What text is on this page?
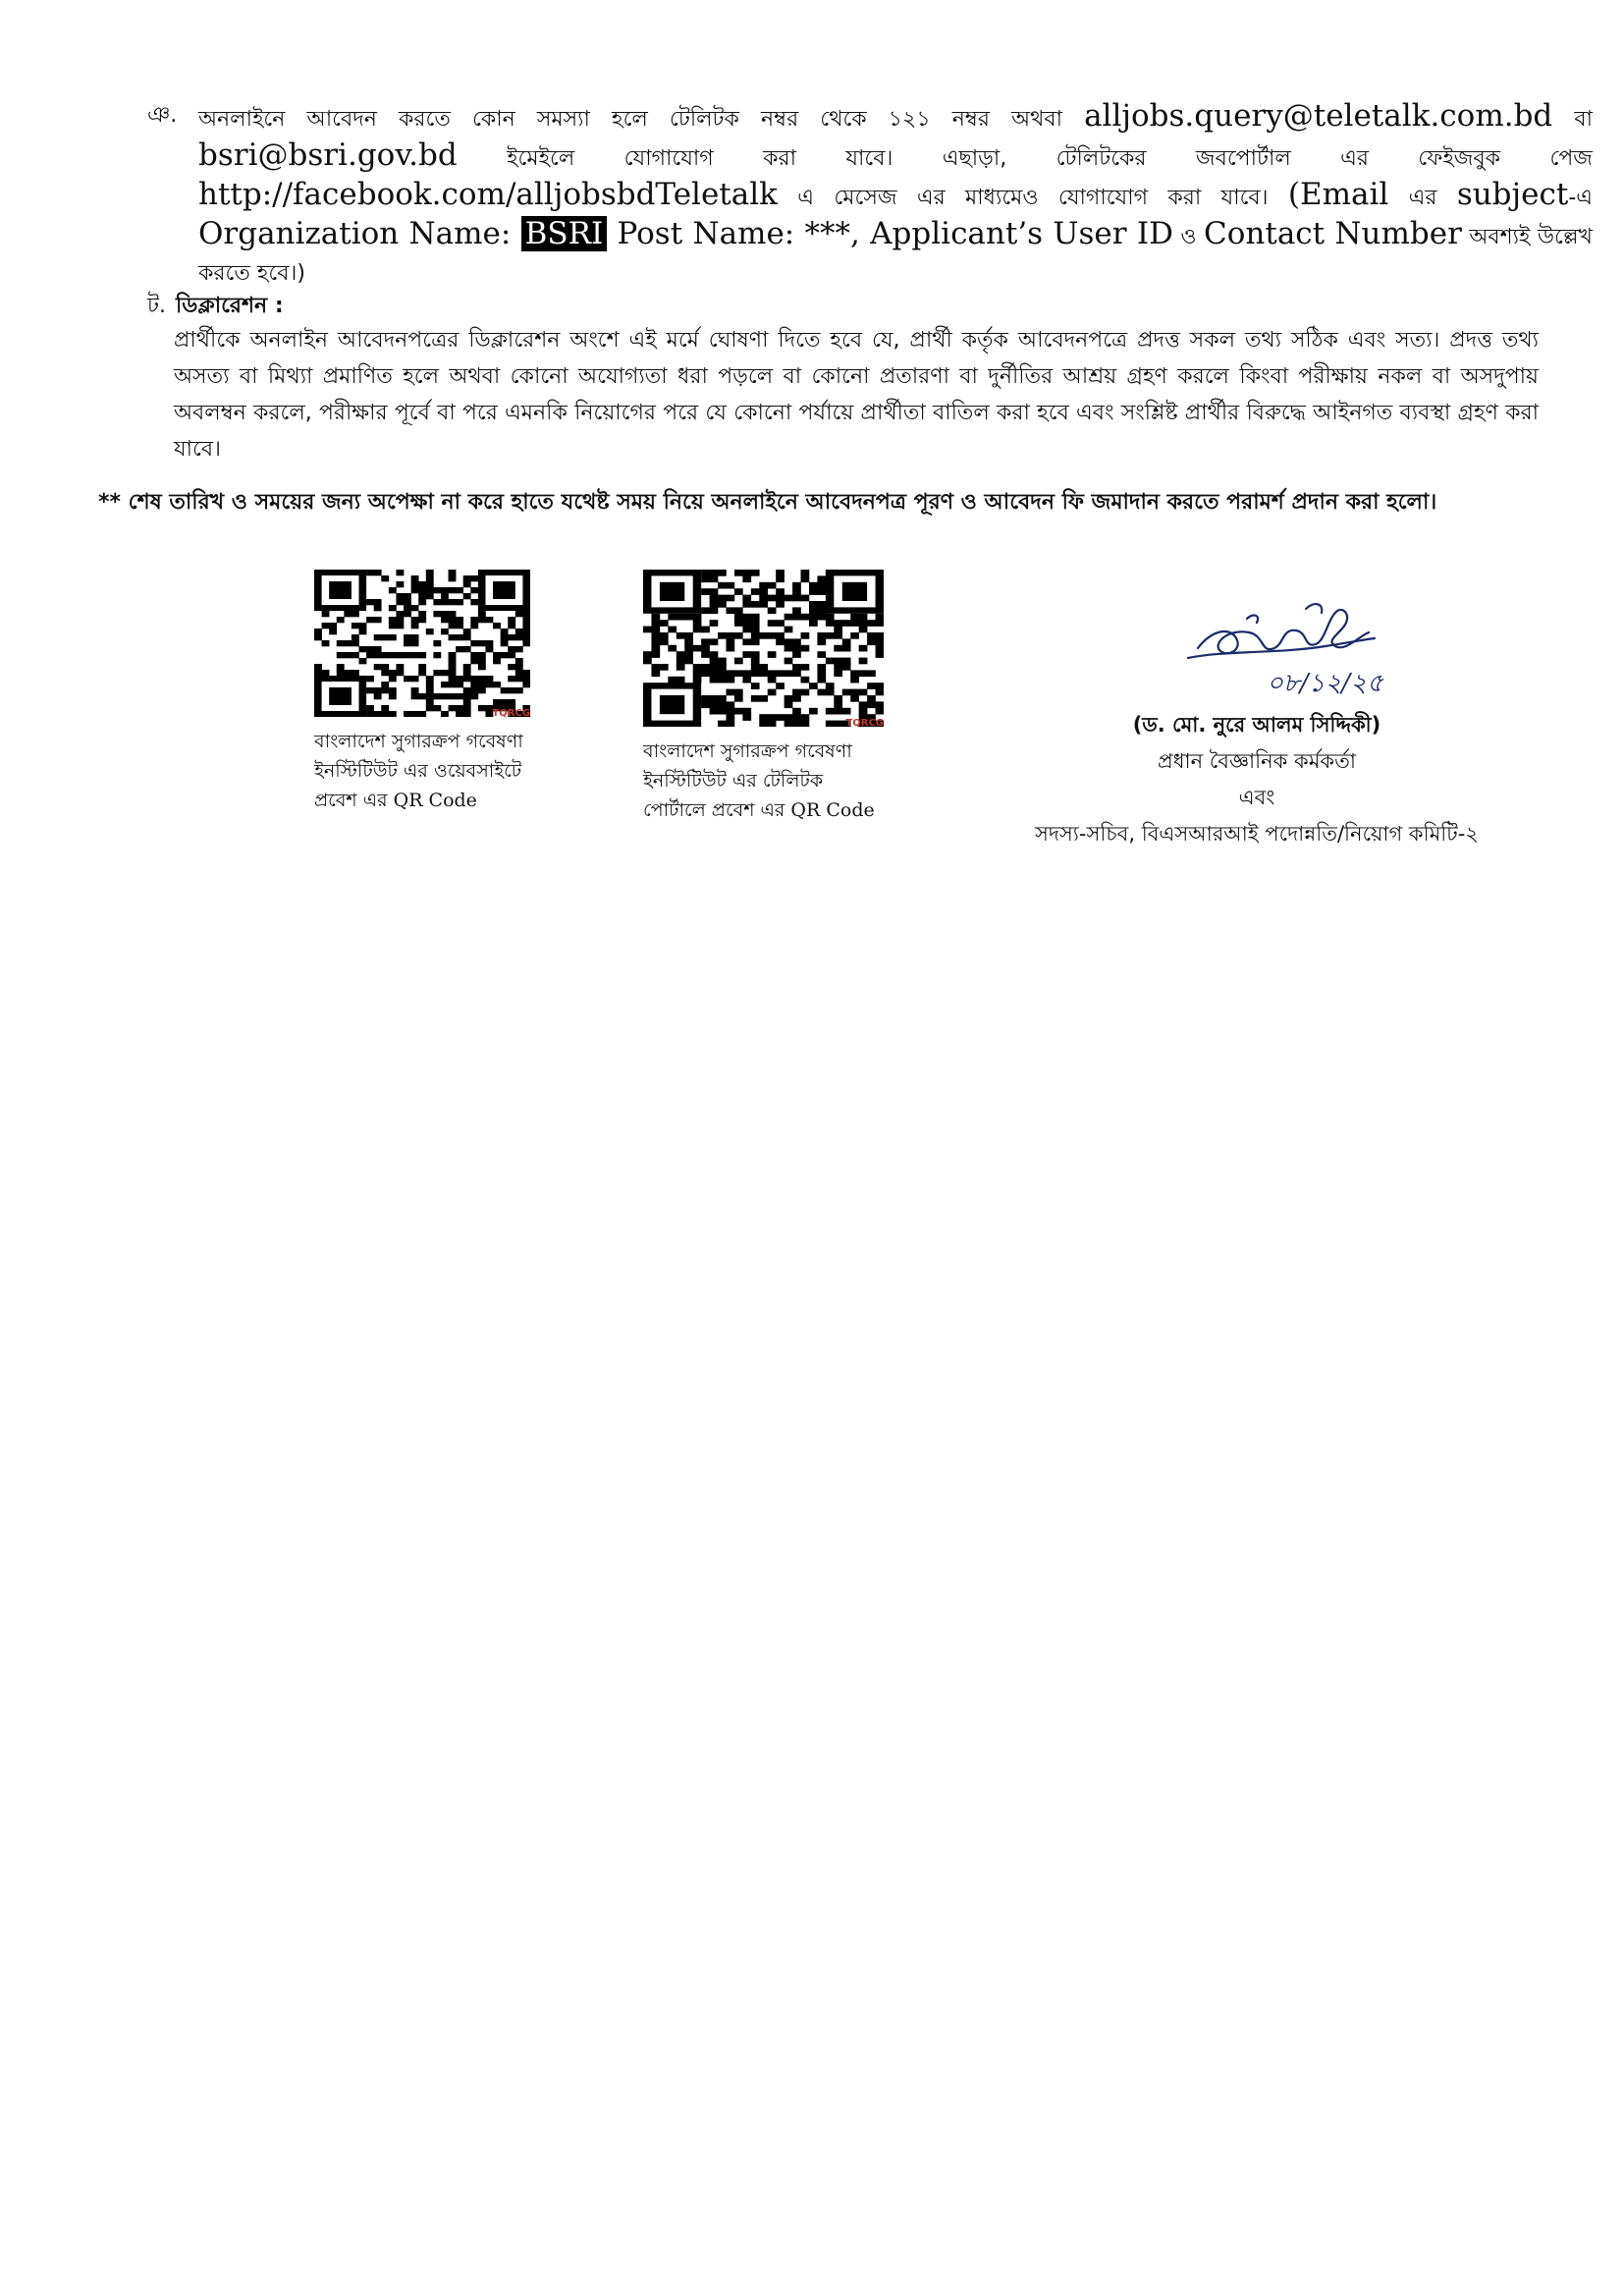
ঞ. অনলাইনে আবেদন করতে কোন সমস্যা হলে টেলিটক নম্বর থেকে ১২১ নম্বর অথবা alljobs.query@teletalk.com.bd বা bsri@bsri.gov.bd ইমেইলে যোগাযোগ করা যাবে। এছাড়া, টেলিটকের জবপোর্টাল এর ফেইজবুক পেজ http://facebook.com/alljobsbdTeletalk এ মেসেজ এর মাধ্যমেও যোগাযোগ করা যাবে। (Email এর subject-এ Organization Name: BSRI Post Name: ***, Applicant’s User ID ও Contact Number অবশ্যই উল্লেখ করতে হবে।)
ট. ডিক্লারেশন :
প্রার্থীকে অনলাইন আবেদনপত্রের ডিক্লারেশন অংশে এই মর্মে ঘোষণা দিতে হবে যে, প্রার্থী কর্তৃক আবেদনপত্রে প্রদত্ত সকল তথ্য সঠিক এবং সত্য। প্রদত্ত তথ্য অসত্য বা মিথ্যা প্রমাণিত হলে অথবা কোনো অযোগ্যতা ধরা পড়লে বা কোনো প্রতারণা বা দুর্নীতির আশ্রয় গ্রহণ করলে কিংবা পরীক্ষায় নকল বা অসদুপায় অবলম্বন করলে, পরীক্ষার পূর্বে বা পরে এমনকি নিয়োগের পরে যে কোনো পর্যায়ে প্রার্থীতা বাতিল করা হবে এবং সংশ্লিষ্ট প্রার্থীর বিরুদ্ধে আইনগত ব্যবস্থা গ্রহণ করা যাবে।
** শেষ তারিখ ও সময়ের জন্য অপেক্ষা না করে হাতে যথেষ্ট সময় নিয়ে অনলাইনে আবেদনপত্র পূরণ ও আবেদন ফি জমাদান করতে পরামর্শ প্রদান করা হলো।
TQRCG
বাংলাদেশ সুগারক্রপ গবেষণা
ইনস্টিটিউট এর ওয়েবসাইটে
প্রবেশ এর QR Code
TQRCG
বাংলাদেশ সুগারক্রপ গবেষণা
ইনস্টিটিউট এর টেলিটক
পোর্টালে প্রবেশ এর QR Code
০৮/১২/২৫
(ড. মো. নুরে আলম সিদ্দিকী)
প্রধান বৈজ্ঞানিক কর্মকর্তা
এবং
সদস্য-সচিব, বিএসআরআই পদোন্নতি/নিয়োগ কমিটি-২
